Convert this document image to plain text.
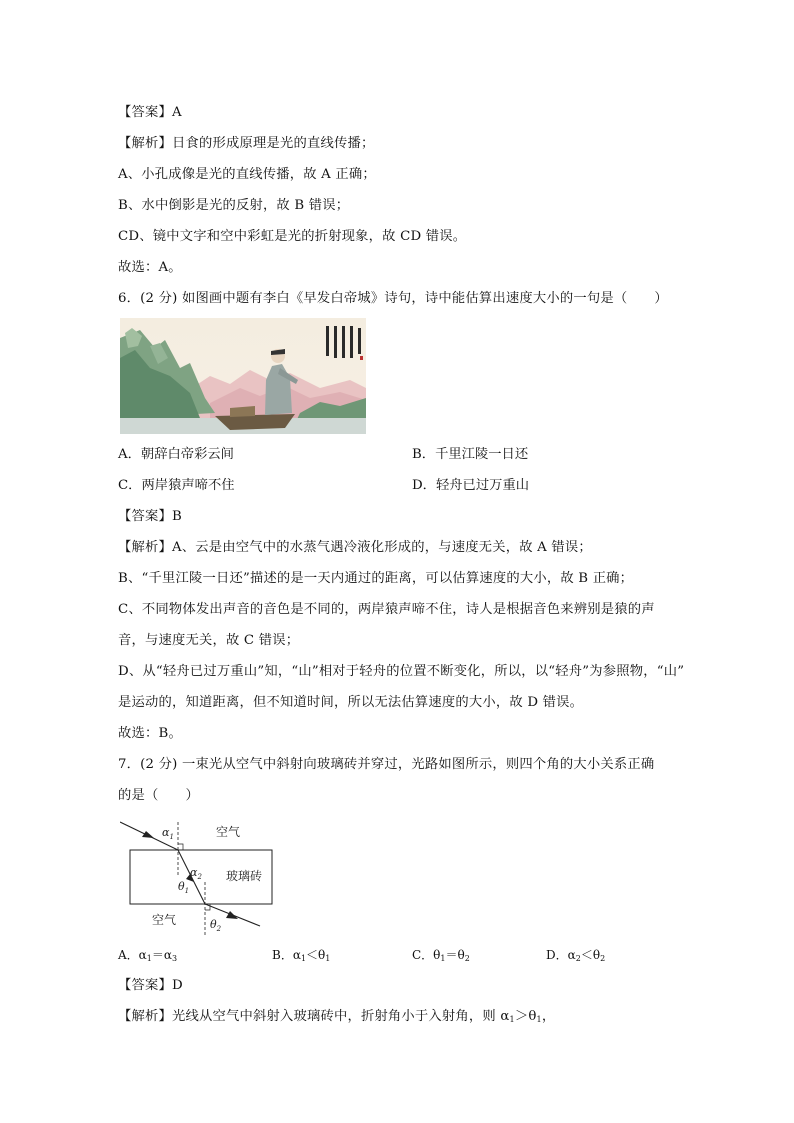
【答案】A
【解析】日食的形成原理是光的直线传播；
A、小孔成像是光的直线传播，故 A 正确；
B、水中倒影是光的反射，故 B 错误；
CD、镜中文字和空中彩虹是光的折射现象，故 CD 错误。
故选：A。
6．(2 分) 如图画中题有李白《早发白帝城》诗句，诗中能估算出速度大小的一句是（　　）
朝辞白帝彩云间 千里江陵一日还 两岸猿声啼不住 轻舟已过万重山
A．朝辞白帝彩云间	B．千里江陵一日还
C．两岸猿声啼不住	D．轻舟已过万重山
【答案】B
【解析】A、云是由空气中的水蒸气遇冷液化形成的，与速度无关，故 A 错误；
B、“千里江陵一日还”描述的是一天内通过的距离，可以估算速度的大小，故 B 正确；
C、不同物体发出声音的音色是不同的，两岸猿声啼不住，诗人是根据音色来辨别是猿的声
音，与速度无关，故 C 错误；
D、从“轻舟已过万重山”知，“山”相对于轻舟的位置不断变化，所以，以“轻舟”为参照物，“山”
是运动的，知道距离，但不知道时间，所以无法估算速度的大小，故 D 错误。
故选：B。
7．(2 分) 一束光从空气中斜射向玻璃砖并穿过，光路如图所示，则四个角的大小关系正确
的是（　　）
空气
玻璃砖
空气
$\alpha_1$
$\alpha_2$
$\theta_1$
$\theta_2$
A．$\alpha_1=\alpha_3$	B．$\alpha_1<\theta_1$	C．$\theta_1=\theta_2$	D．$\alpha_2<\theta_2$
【答案】D
【解析】光线从空气中斜射入玻璃砖中，折射角小于入射角，则 $\alpha_1>\theta_1$，
